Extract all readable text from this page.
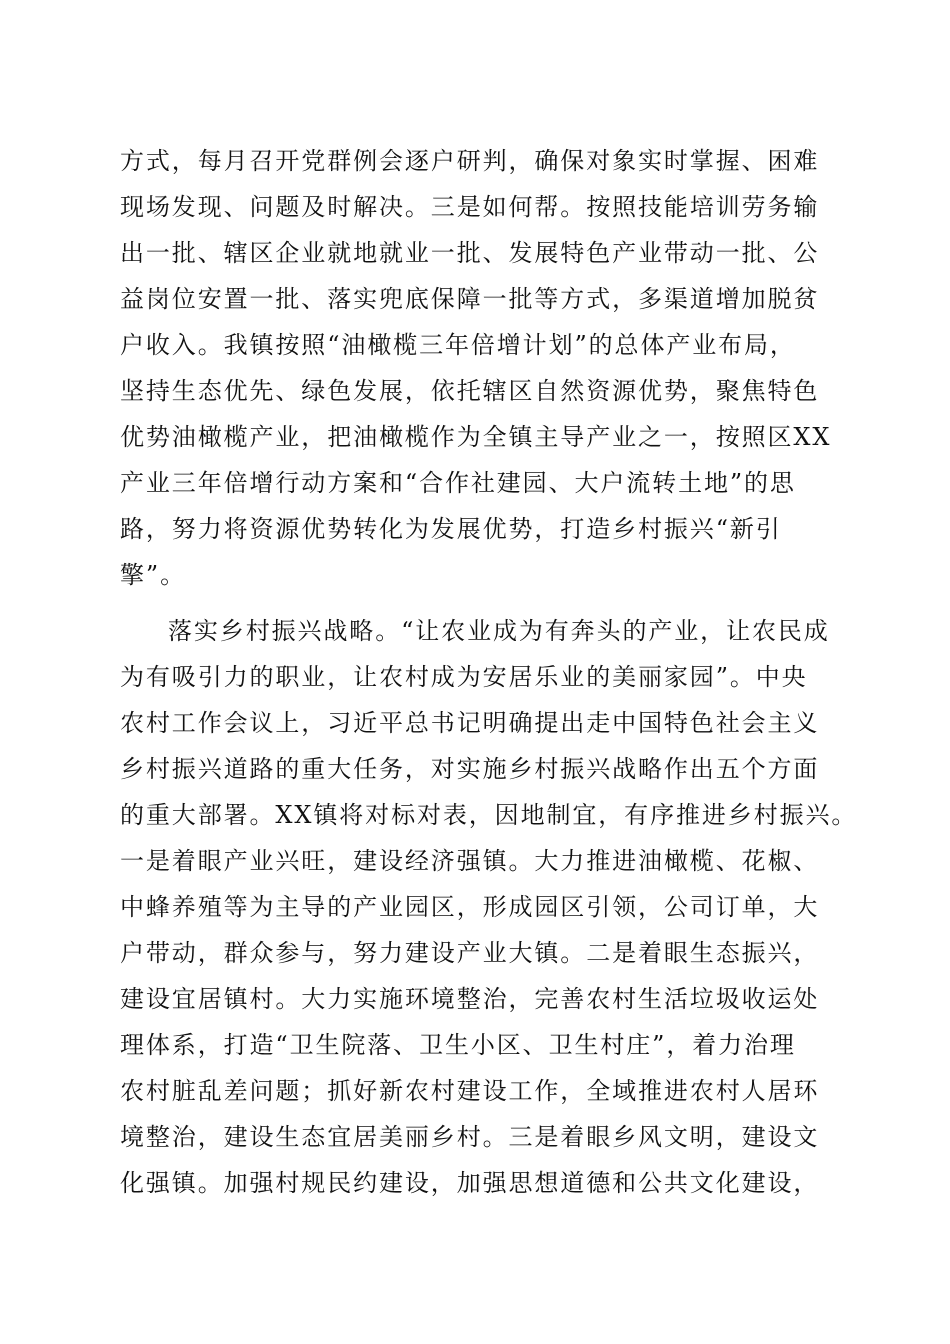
方式，每月召开党群例会逐户研判，确保对象实时掌握、困难
现场发现、问题及时解决。三是如何帮。按照技能培训劳务输
出一批、辖区企业就地就业一批、发展特色产业带动一批、公
益岗位安置一批、落实兜底保障一批等方式，多渠道增加脱贫
户收入。我镇按照“油橄榄三年倍增计划”的总体产业布局，
坚持生态优先、绿色发展，依托辖区自然资源优势，聚焦特色
优势油橄榄产业，把油橄榄作为全镇主导产业之一，按照区XX
产业三年倍增行动方案和“合作社建园、大户流转土地”的思
路，努力将资源优势转化为发展优势，打造乡村振兴“新引
擎”。
落实乡村振兴战略。“让农业成为有奔头的产业，让农民成
为有吸引力的职业，让农村成为安居乐业的美丽家园”。中央
农村工作会议上，习近平总书记明确提出走中国特色社会主义
乡村振兴道路的重大任务，对实施乡村振兴战略作出五个方面
的重大部署。XX镇将对标对表，因地制宜，有序推进乡村振兴。
一是着眼产业兴旺，建设经济强镇。大力推进油橄榄、花椒、
中蜂养殖等为主导的产业园区，形成园区引领，公司订单，大
户带动，群众参与，努力建设产业大镇。二是着眼生态振兴，
建设宜居镇村。大力实施环境整治，完善农村生活垃圾收运处
理体系，打造“卫生院落、卫生小区、卫生村庄”，着力治理
农村脏乱差问题；抓好新农村建设工作，全域推进农村人居环
境整治，建设生态宜居美丽乡村。三是着眼乡风文明，建设文
化强镇。加强村规民约建设，加强思想道德和公共文化建设，
